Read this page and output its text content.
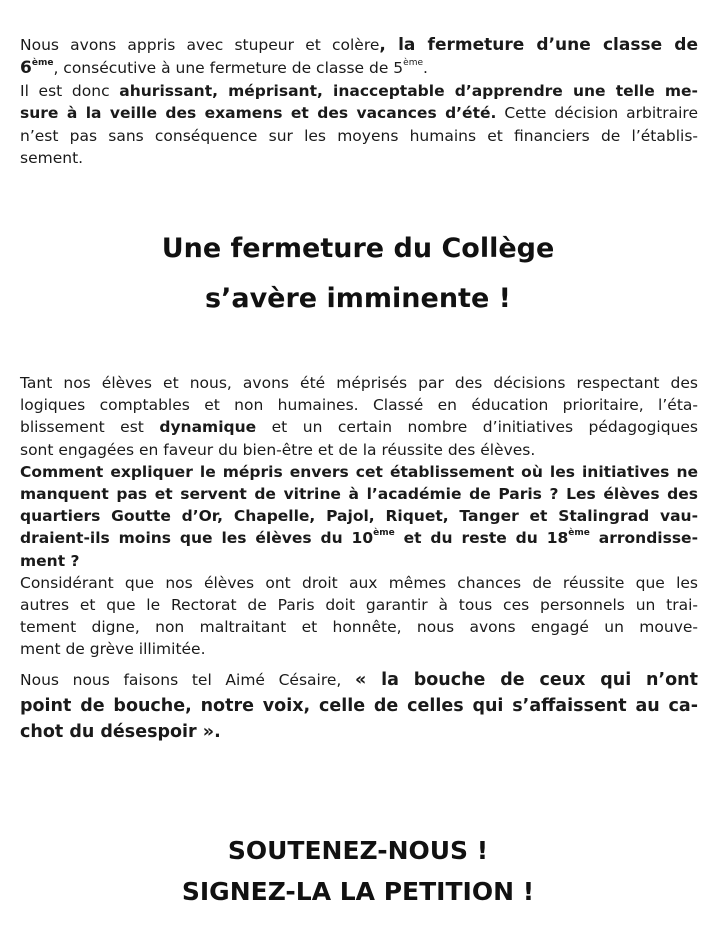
Nous avons appris avec stupeur et colère, la fermeture d’une classe de
6ème, consécutive à une fermeture de classe de 5ème.
Il est donc ahurissant, méprisant, inacceptable d’apprendre une telle me-
sure à la veille des examens et des vacances d’été. Cette décision arbitraire
n’est pas sans conséquence sur les moyens humains et financiers de l’établis-
sement.
Une fermeture du Collège
s’avère imminente !
Tant nos élèves et nous, avons été méprisés par des décisions respectant des
logiques comptables et non humaines. Classé en éducation prioritaire, l’éta-
blissement est dynamique et un certain nombre d’initiatives pédagogiques
sont engagées en faveur du bien-être et de la réussite des élèves.
Comment expliquer le mépris envers cet établissement où les initiatives ne
manquent pas et servent de vitrine à l’académie de Paris ? Les élèves des
quartiers Goutte d’Or, Chapelle, Pajol, Riquet, Tanger et Stalingrad vau-
draient-ils moins que les élèves du 10ème et du reste du 18ème arrondisse-
ment ?
Considérant que nos élèves ont droit aux mêmes chances de réussite que les
autres et que le Rectorat de Paris doit garantir à tous ces personnels un trai-
tement digne, non maltraitant et honnête, nous avons engagé un mouve-
ment de grève illimitée.
Nous nous faisons tel Aimé Césaire, « la bouche de ceux qui n’ont
point de bouche, notre voix, celle de celles qui s’affaissent au ca-
chot du désespoir ».
SOUTENEZ-NOUS !
SIGNEZ-LA LA PETITION !
